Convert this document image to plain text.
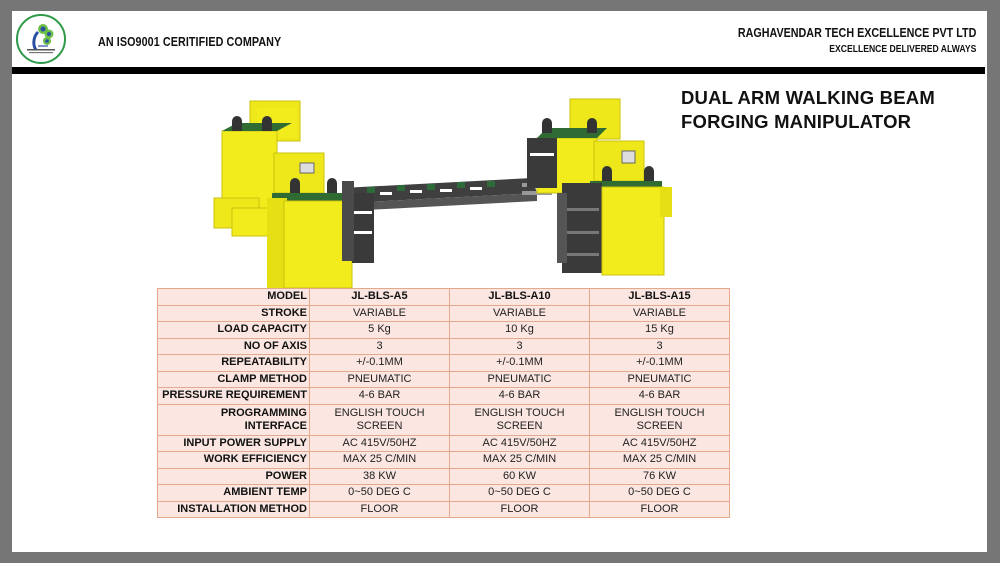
AN ISO9001 CERITIFIED COMPANY
RAGHAVENDAR TECH EXCELLENCE PVT LTD
EXCELLENCE DELIVERED ALWAYS
DUAL ARM WALKING BEAM
FORGING MANIPULATOR
MODEL	JL-BLS-A5	JL-BLS-A10	JL-BLS-A15
STROKE	VARIABLE	VARIABLE	VARIABLE
LOAD CAPACITY	5 Kg	10 Kg	15 Kg
NO OF AXIS	3	3	3
REPEATABILITY	+/-0.1MM	+/-0.1MM	+/-0.1MM
CLAMP METHOD	PNEUMATIC	PNEUMATIC	PNEUMATIC
PRESSURE REQUIREMENT	4-6 BAR	4-6 BAR	4-6 BAR
PROGRAMMING INTERFACE	ENGLISH TOUCH SCREEN	ENGLISH TOUCH SCREEN	ENGLISH TOUCH SCREEN
INPUT POWER SUPPLY	AC 415V/50HZ	AC 415V/50HZ	AC 415V/50HZ
WORK EFFICIENCY	MAX 25 C/MIN	MAX 25 C/MIN	MAX 25 C/MIN
POWER	38 KW	60 KW	76 KW
AMBIENT TEMP	0~50 DEG C	0~50 DEG C	0~50 DEG C
INSTALLATION METHOD	FLOOR	FLOOR	FLOOR
